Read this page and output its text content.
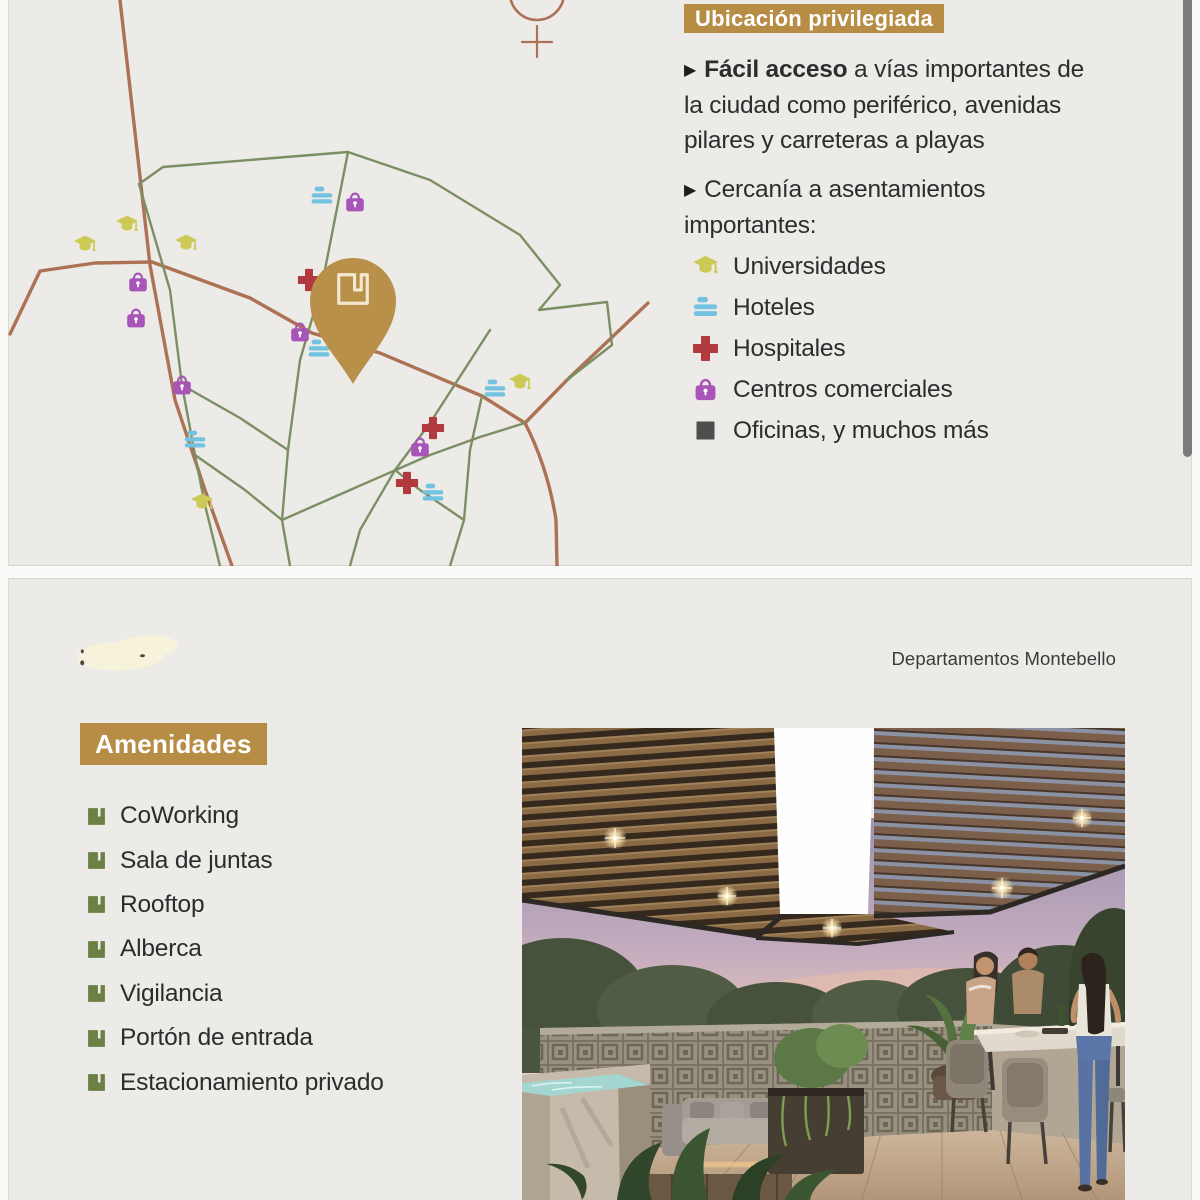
Ubicación privilegiada
▶ Fácil acceso a vías importantes de
la ciudad como periférico, avenidas
pilares y carreteras a playas
▶ Cercanía a asentamientos
importantes:
Universidades
Hoteles
Hospitales
Centros comerciales
Oficinas, y muchos más
Departamentos Montebello
Amenidades
CoWorking
Sala de juntas
Rooftop
Alberca
Vigilancia
Portón de entrada
Estacionamiento privado
